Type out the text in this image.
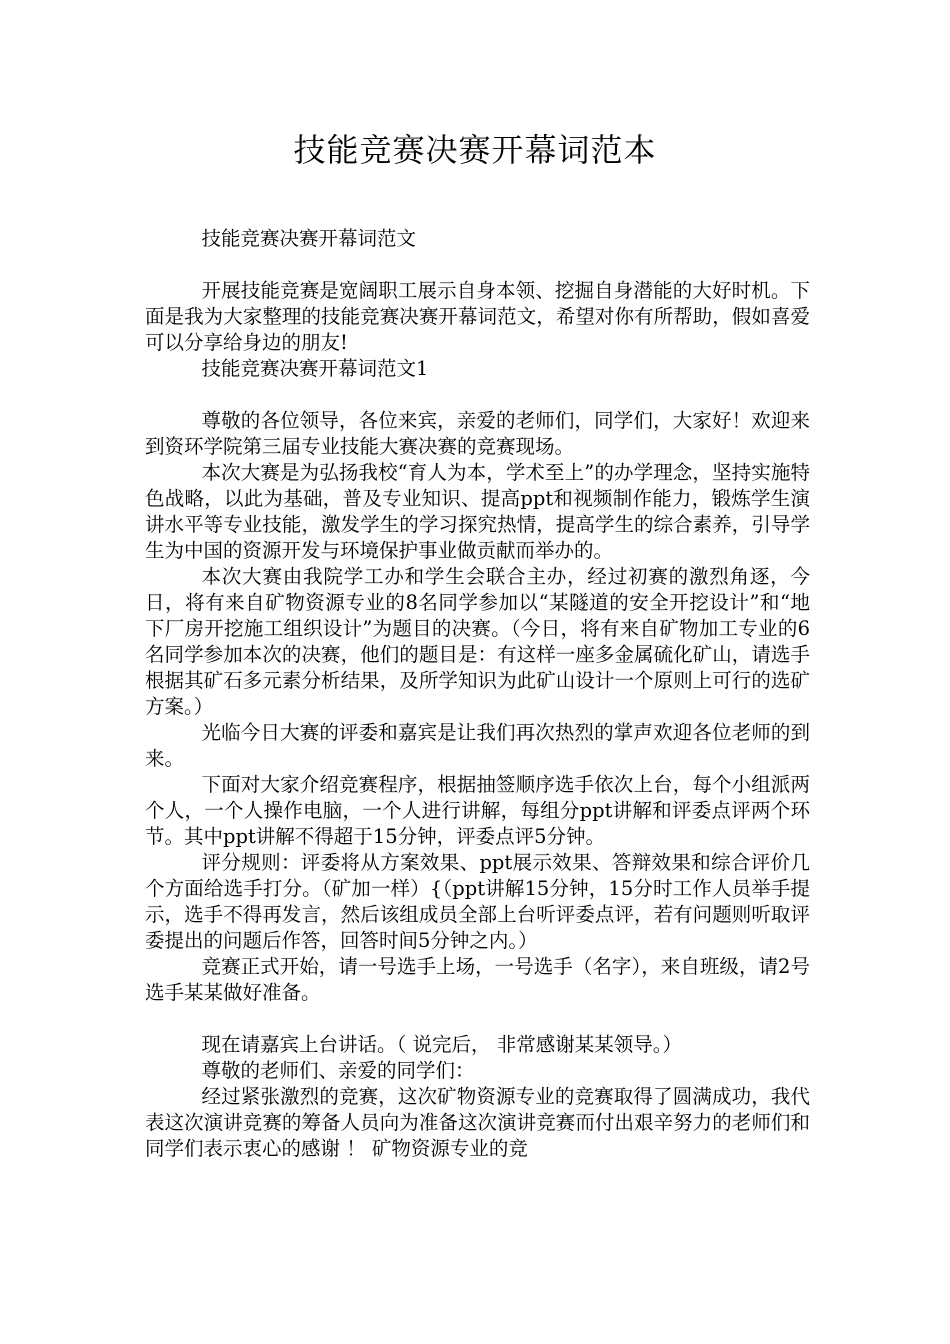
技能竞赛决赛开幕词范本

技能竞赛决赛开幕词范文

开展技能竞赛是宽阔职工展示自身本领、挖掘自身潜能的大好时机。下面是我为大家整理的技能竞赛决赛开幕词范文，希望对你有所帮助，假如喜爱可以分享给身边的朋友!

技能竞赛决赛开幕词范文1

尊敬的各位领导，各位来宾，亲爱的老师们，同学们，大家好！欢迎来到资环学院第三届专业技能大赛决赛的竞赛现场。

本次大赛是为弘扬我校“育人为本，学术至上”的办学理念，坚持实施特色战略，以此为基础，普及专业知识、提高ppt和视频制作能力，锻炼学生演讲水平等专业技能，激发学生的学习探究热情，提高学生的综合素养，引导学生为中国的资源开发与环境保护事业做贡献而举办的。

本次大赛由我院学工办和学生会联合主办，经过初赛的激烈角逐，今日，将有来自矿物资源专业的8名同学参加以“某隧道的安全开挖设计”和“地下厂房开挖施工组织设计”为题目的决赛。（今日，将有来自矿物加工专业的6名同学参加本次的决赛，他们的题目是：有这样一座多金属硫化矿山，请选手根据其矿石多元素分析结果，及所学知识为此矿山设计一个原则上可行的选矿方案。）

光临今日大赛的评委和嘉宾是让我们再次热烈的掌声欢迎各位老师的到来。

下面对大家介绍竞赛程序，根据抽签顺序选手依次上台，每个小组派两个人，一个人操作电脑，一个人进行讲解，每组分ppt讲解和评委点评两个环节。其中ppt讲解不得超于15分钟，评委点评5分钟。

评分规则：评委将从方案效果、ppt展示效果、答辩效果和综合评价几个方面给选手打分。（矿加一样）{（ppt讲解15分钟，15分时工作人员举手提示，选手不得再发言，然后该组成员全部上台听评委点评，若有问题则听取评委提出的问题后作答，回答时间5分钟之内。）

竞赛正式开始，请一号选手上场，一号选手（名字），来自班级，请2号选手某某做好准备。

现在请嘉宾上台讲话。（ 说完后， 非常感谢某某领导。）

尊敬的老师们、亲爱的同学们：

经过紧张激烈的竞赛，这次矿物资源专业的竞赛取得了圆满成功，我代表这次演讲竞赛的筹备人员向为准备这次演讲竞赛而付出艰辛努力的老师们和同学们表示衷心的感谢 ！ 矿物资源专业的竞
